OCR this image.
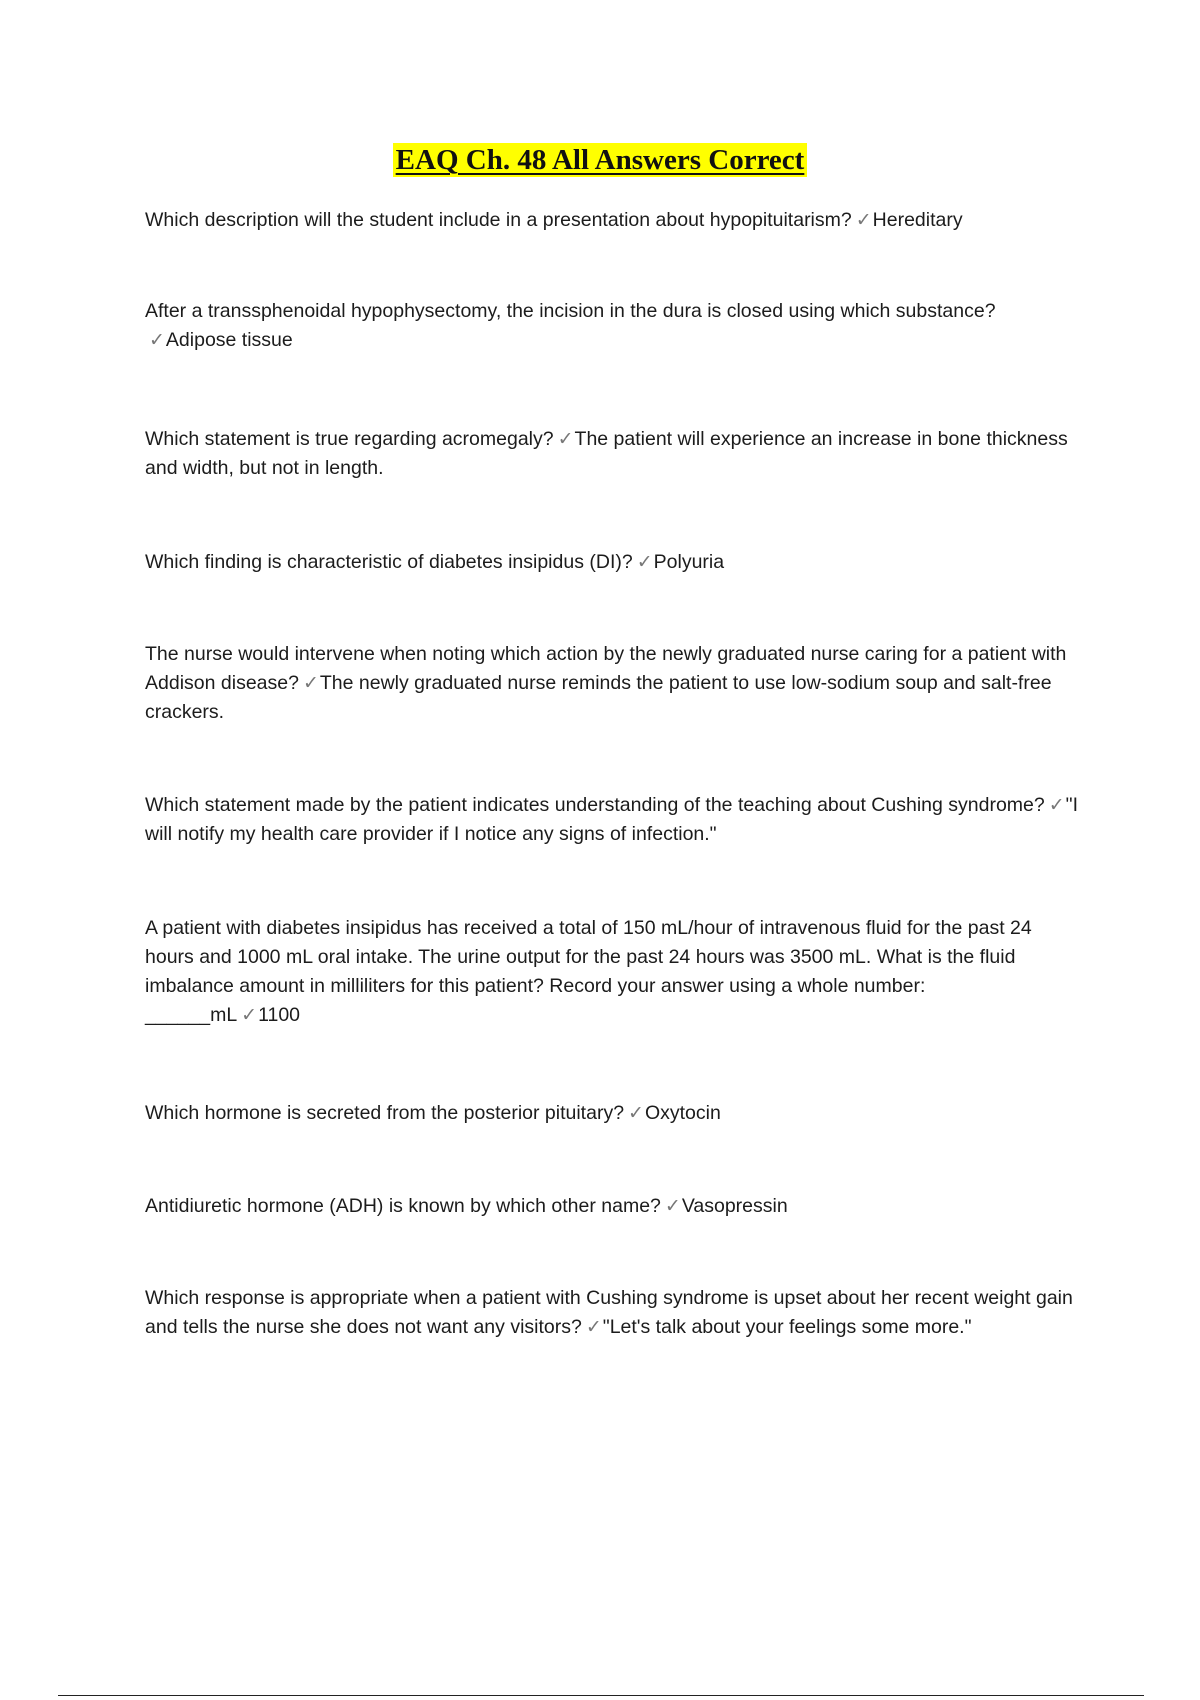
EAQ Ch. 48 All Answers Correct
Which description will the student include in a presentation about hypopituitarism? ✓Hereditary
After a transsphenoidal hypophysectomy, the incision in the dura is closed using which substance?✓Adipose tissue
Which statement is true regarding acromegaly? ✓The patient will experience an increase in bone thickness and width, but not in length.
Which finding is characteristic of diabetes insipidus (DI)? ✓Polyuria
The nurse would intervene when noting which action by the newly graduated nurse caring for a patient with Addison disease? ✓The newly graduated nurse reminds the patient to use low-sodium soup and salt-free crackers.
Which statement made by the patient indicates understanding of the teaching about Cushing syndrome? ✓"I will notify my health care provider if I notice any signs of infection."
A patient with diabetes insipidus has received a total of 150 mL/hour of intravenous fluid for the past 24 hours and 1000 mL oral intake. The urine output for the past 24 hours was 3500 mL. What is the fluid imbalance amount in milliliters for this patient? Record your answer using a whole number: ______mL ✓1100
Which hormone is secreted from the posterior pituitary? ✓Oxytocin
Antidiuretic hormone (ADH) is known by which other name? ✓Vasopressin
Which response is appropriate when a patient with Cushing syndrome is upset about her recent weight gain and tells the nurse she does not want any visitors? ✓"Let's talk about your feelings some more."
